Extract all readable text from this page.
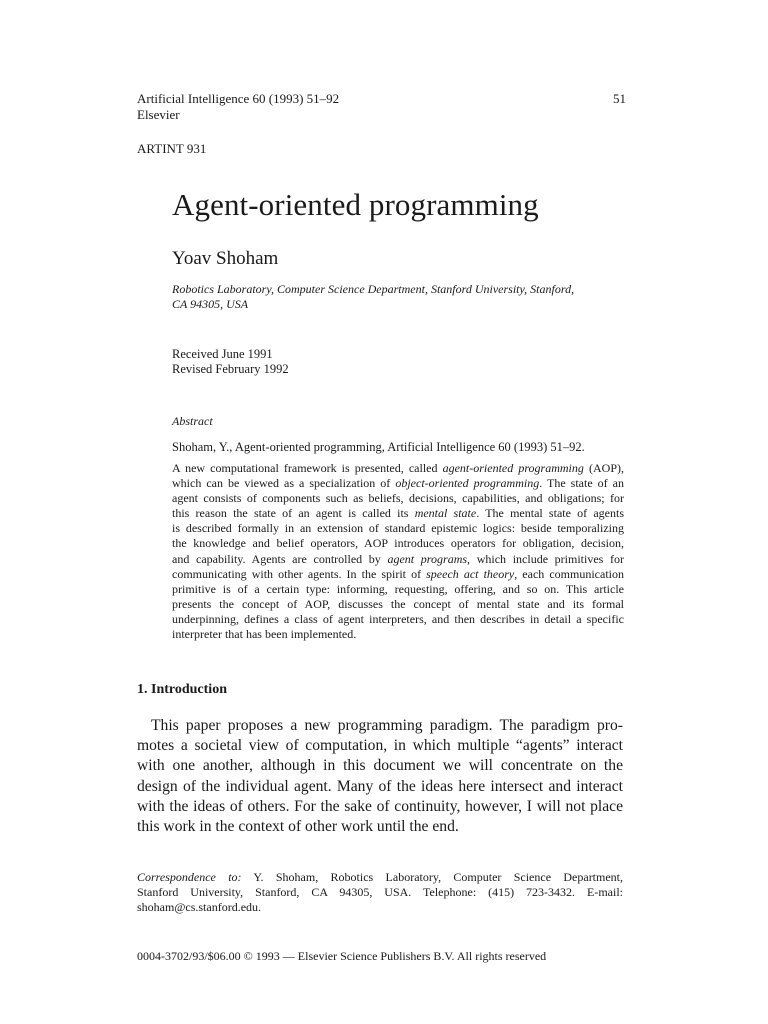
Artificial Intelligence 60 (1993) 51–92
Elsevier
51
ARTINT 931
Agent-oriented programming
Yoav Shoham
Robotics Laboratory, Computer Science Department, Stanford University, Stanford,
CA 94305, USA
Received June 1991
Revised February 1992
Abstract
Shoham, Y., Agent-oriented programming, Artificial Intelligence 60 (1993) 51–92.
A new computational framework is presented, called agent-oriented programming (AOP),
which can be viewed as a specialization of object-oriented programming. The state of an
agent consists of components such as beliefs, decisions, capabilities, and obligations; for
this reason the state of an agent is called its mental state. The mental state of agents
is described formally in an extension of standard epistemic logics: beside temporalizing
the knowledge and belief operators, AOP introduces operators for obligation, decision,
and capability. Agents are controlled by agent programs, which include primitives for
communicating with other agents. In the spirit of speech act theory, each communication
primitive is of a certain type: informing, requesting, offering, and so on. This article
presents the concept of AOP, discusses the concept of mental state and its formal
underpinning, defines a class of agent interpreters, and then describes in detail a specific
interpreter that has been implemented.
1. Introduction
This paper proposes a new programming paradigm. The paradigm pro-
motes a societal view of computation, in which multiple “agents” interact
with one another, although in this document we will concentrate on the
design of the individual agent. Many of the ideas here intersect and interact
with the ideas of others. For the sake of continuity, however, I will not place
this work in the context of other work until the end.
Correspondence to: Y. Shoham, Robotics Laboratory, Computer Science Department,
Stanford University, Stanford, CA 94305, USA. Telephone: (415) 723-3432. E-mail:
shoham@cs.stanford.edu.
0004-3702/93/$06.00 © 1993 — Elsevier Science Publishers B.V. All rights reserved
